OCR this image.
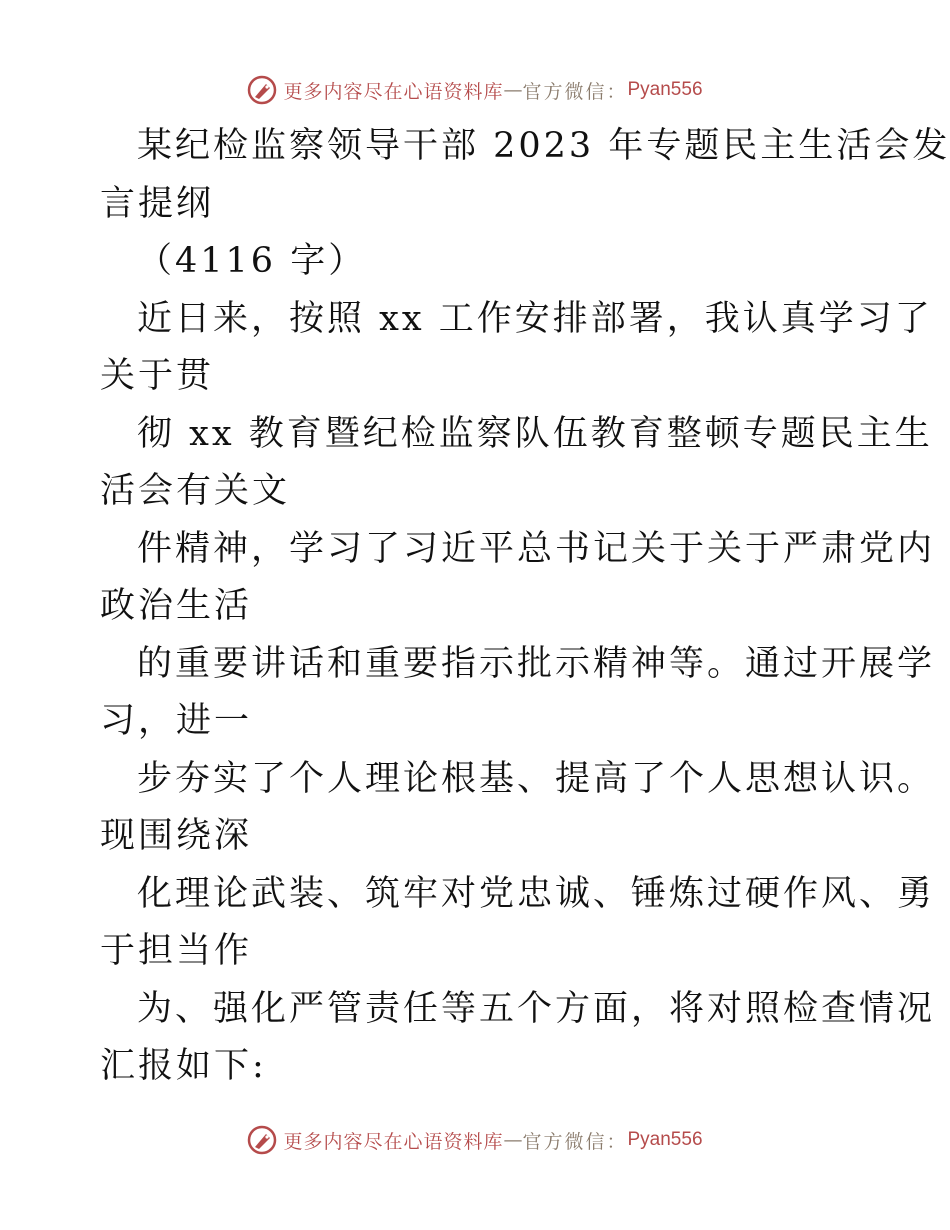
更多内容尽在心语资料库 — 官方微信： Pyan556
某纪检监察领导干部 2023 年专题民主生活会发
言提纲
（4116 字）
近日来，按照 xx 工作安排部署，我认真学习了
关于贯
彻 xx 教育暨纪检监察队伍教育整顿专题民主生
活会有关文
件精神，学习了习近平总书记关于关于严肃党内
政治生活
的重要讲话和重要指示批示精神等。通过开展学
习，进一
步夯实了个人理论根基、提高了个人思想认识。
现围绕深
化理论武装、筑牢对党忠诚、锤炼过硬作风、勇
于担当作
为、强化严管责任等五个方面，将对照检查情况
汇报如下:
更多内容尽在心语资料库 — 官方微信： Pyan556
